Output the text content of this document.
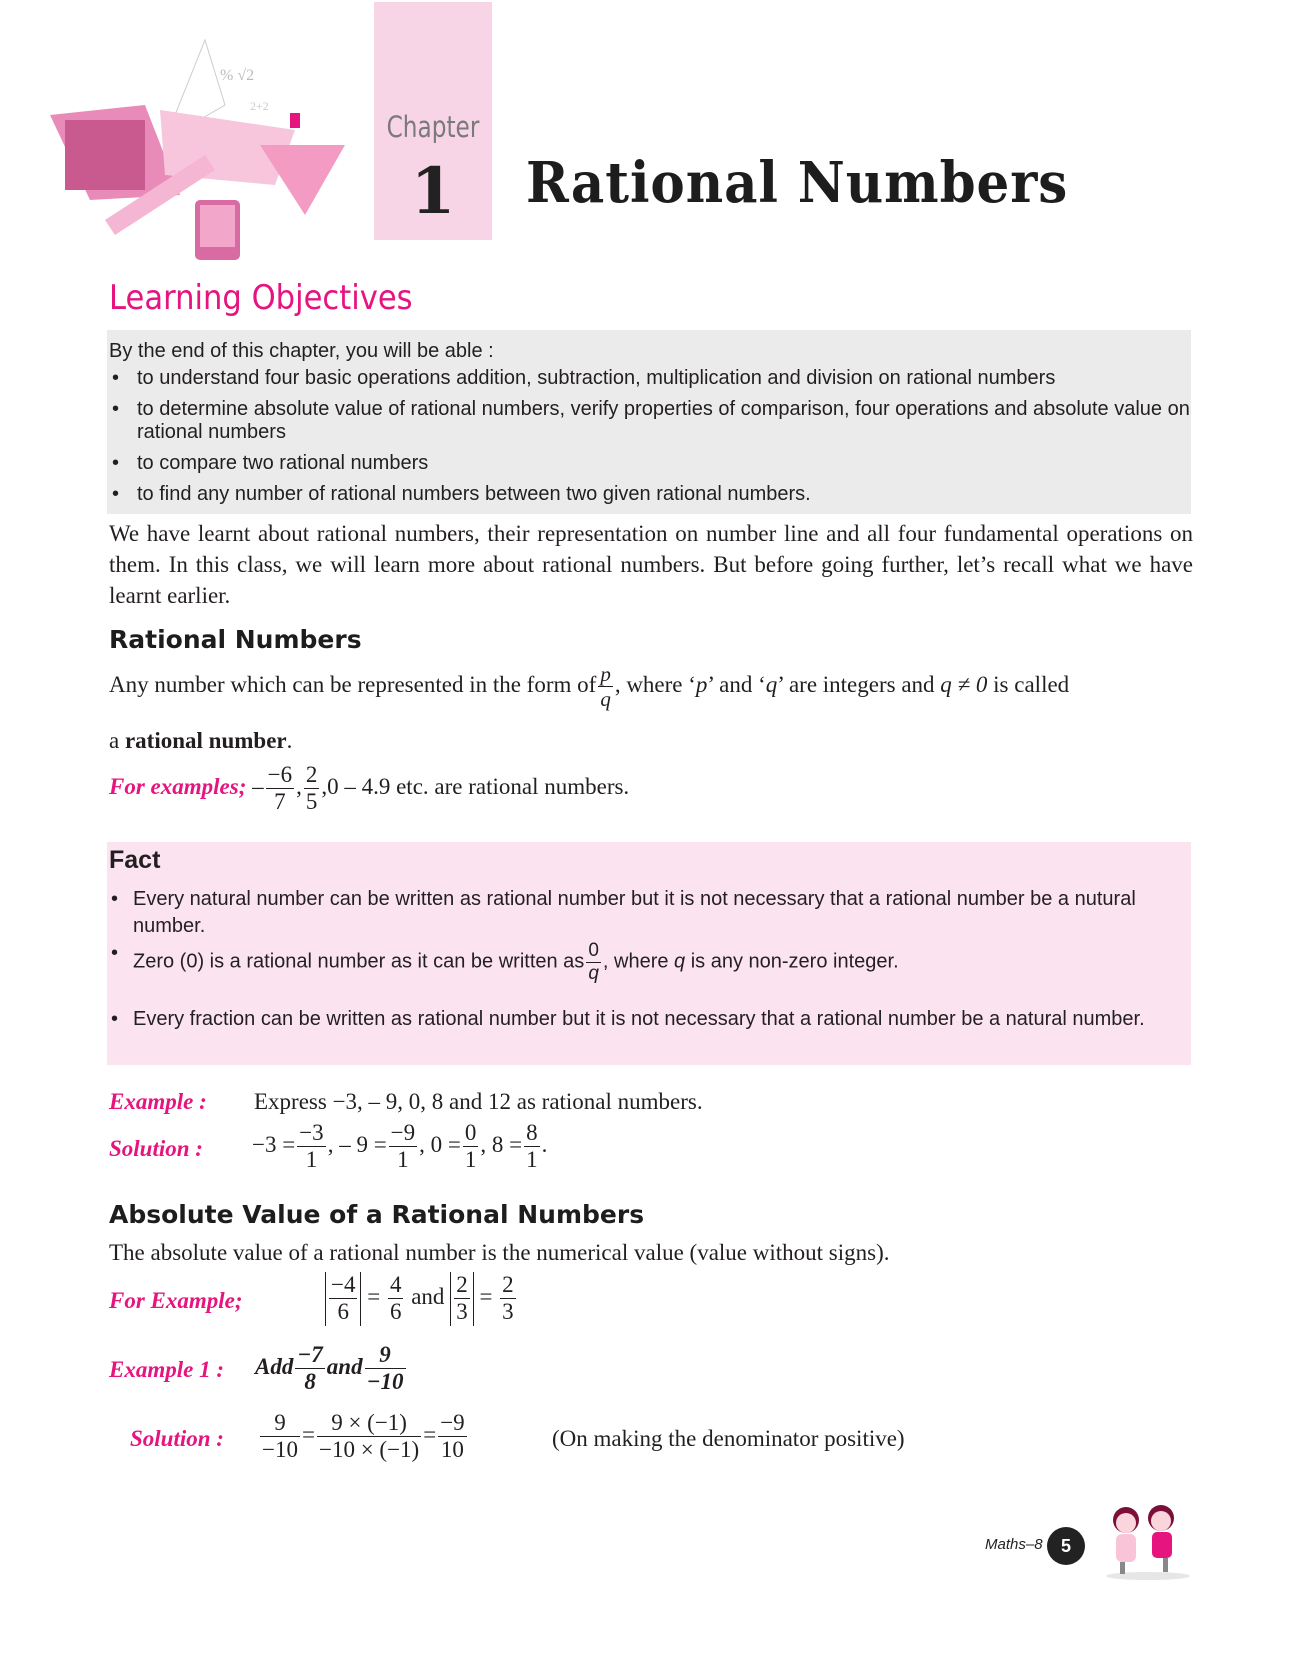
% √2
2+2
Chapter
1	Rational Numbers
Learning Objectives
By the end of this chapter, you will be able :
• to understand four basic operations addition, subtraction, multiplication and division on rational numbers
• to determine absolute value of rational numbers, verify properties of comparison, four operations and absolute value on rational numbers
• to compare two rational numbers
• to find any number of rational numbers between two given rational numbers.
We have learnt about rational numbers, their representation on number line and all four fundamental operations on them. In this class, we will learn more about rational numbers. But before going further, let’s recall what we have learnt earlier.
Rational Numbers
Any number which can be represented in the form of $\frac{p}{q}$ , where ‘p’ and ‘q’ are integers and q ≠ 0 is called
a rational number.
For examples; – $\frac{-6}{7}$ , $\frac{2}{5} ,0 - 4.9$ etc. are rational numbers.
Fact
• Every natural number can be written as rational number but it is not necessary that a rational number be a nutural number.
• Zero (0) is a rational number as it can be written as $\frac{0}{q}$ , where q is any non-zero integer.
• Every fraction can be written as rational number but it is not necessary that a rational number be a natural number.
Example : Express −3, – 9, 0, 8 and 12 as rational numbers.
Solution : $-3 = \frac{-3}{1}$ , – $9 = \frac{-9}{1}$ , $0 = \frac{0}{1}$ , $8 = \frac{8}{1}$ .
Absolute Value of a Rational Numbers
The absolute value of a rational number is the numerical value (value without signs).
For Example;	$\frac{-4}{6} = \frac{4}{6}$ and $\frac{2}{3} = \frac{2}{3}$
Example 1 : Add $\frac{-7}{8}$ and $\frac{9}{-10}$
Solution : $\frac{9}{-10} = \frac{9 \times (-1)}{-10 \times (-1)} = \frac{-9}{10}$	(On making the denominator positive)
Maths–8	5
